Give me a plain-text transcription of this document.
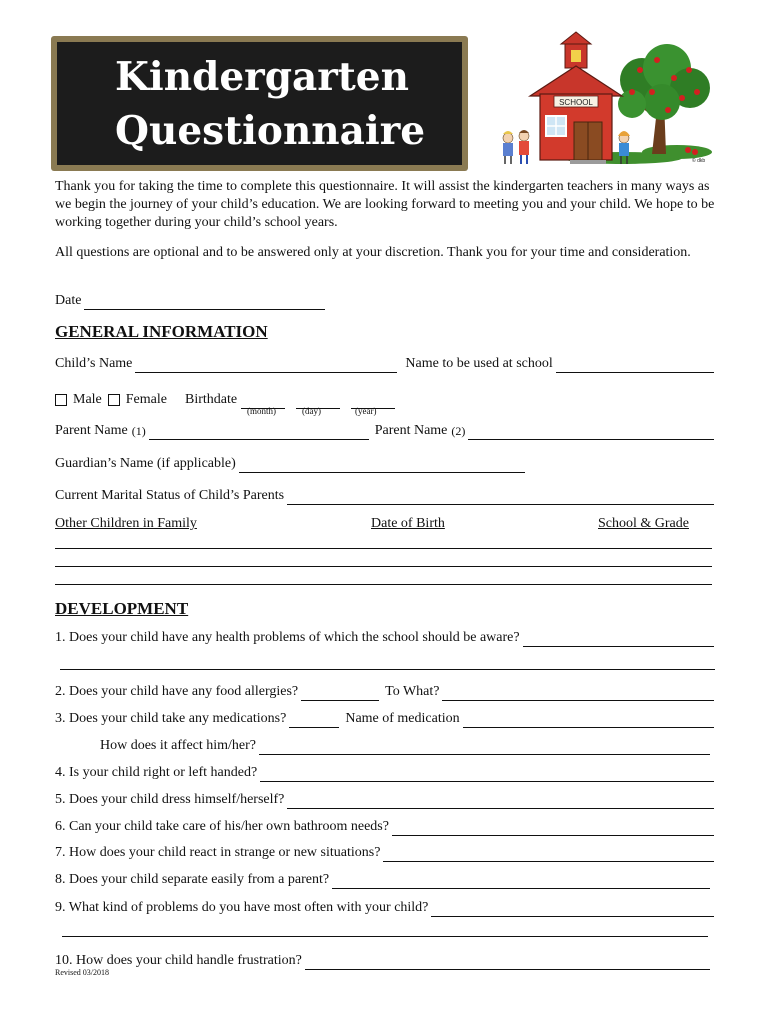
Kindergarten
Questionnaire
SCHOOL
© dkb

Thank you for taking the time to complete this questionnaire. It will assist the kindergarten teachers in many ways as we begin the journey of your child’s education. We are looking forward to meeting you and your child. We hope to be working together during your child’s school years.

All questions are optional and to be answered only at your discretion. Thank you for your time and consideration.

Date
GENERAL INFORMATION
Child’s Name	Name to be used at school
Male Female Birthdate
(month)	(day)	(year)
Parent Name (1)	Parent Name (2)
Guardian’s Name (if applicable)
Current Marital Status of Child’s Parents
Other Children in Family	Date of Birth	School & Grade
DEVELOPMENT
1. Does your child have any health problems of which the school should be aware?
2. Does your child have any food allergies?	To What?
3. Does your child take any medications?	Name of medication
How does it affect him/her?
4. Is your child right or left handed?
5. Does your child dress himself/herself?
6. Can your child take care of his/her own bathroom needs?
7. How does your child react in strange or new situations?
8. Does your child separate easily from a parent?
9. What kind of problems do you have most often with your child?
10. How does your child handle frustration?
Revised 03/2018
